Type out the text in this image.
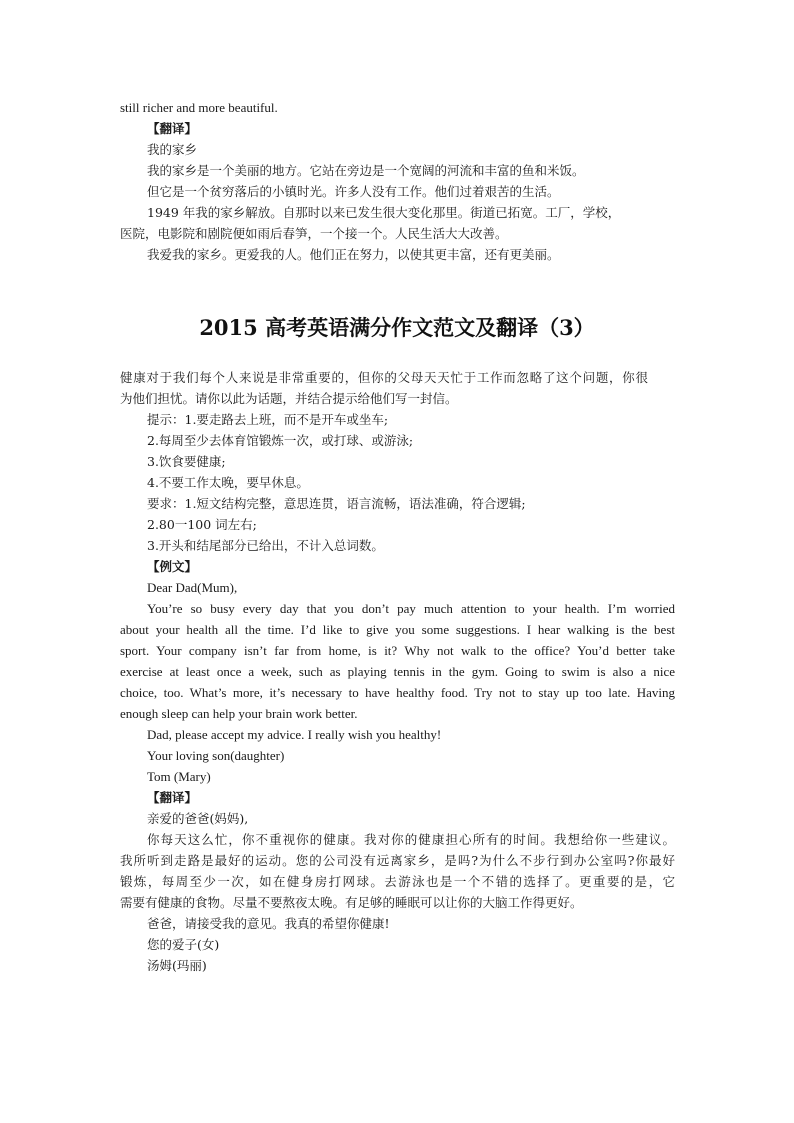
still richer and more beautiful.
【翻译】
我的家乡
我的家乡是一个美丽的地方。它站在旁边是一个宽阔的河流和丰富的鱼和米饭。
但它是一个贫穷落后的小镇时光。许多人没有工作。他们过着艰苦的生活。
1949 年我的家乡解放。自那时以来已发生很大变化那里。街道已拓宽。工厂，学校，
医院，电影院和剧院便如雨后春笋，一个接一个。人民生活大大改善。
我爱我的家乡。更爱我的人。他们正在努力，以使其更丰富，还有更美丽。
2015 高考英语满分作文范文及翻译（3）
健康对于我们每个人来说是非常重要的，但你的父母天天忙于工作而忽略了这个问题，你很
为他们担忧。请你以此为话题，并结合提示给他们写一封信。
提示：1.要走路去上班，而不是开车或坐车;
2.每周至少去体育馆锻炼一次，或打球、或游泳;
3.饮食要健康;
4.不要工作太晚，要早休息。
要求：1.短文结构完整，意思连贯，语言流畅，语法准确，符合逻辑;
2.80一100 词左右;
3.开头和结尾部分已给出，不计入总词数。
【例文】
Dear Dad(Mum),
You’re so busy every day that you don’t pay much attention to your health. I’m worried
about your health all the time. I’d like to give you some suggestions. I hear walking is the best
sport. Your company isn’t far from home, is it? Why not walk to the office? You’d better take
exercise at least once a week, such as playing tennis in the gym. Going to swim is also a nice
choice, too. What’s more, it’s necessary to have healthy food. Try not to stay up too late. Having
enough sleep can help your brain work better.
Dad, please accept my advice. I really wish you healthy!
Your loving son(daughter)
Tom (Mary)
【翻译】
亲爱的爸爸(妈妈),
你每天这么忙，你不重视你的健康。我对你的健康担心所有的时间。我想给你一些建议。
我所听到走路是最好的运动。您的公司没有远离家乡，是吗?为什么不步行到办公室吗?你最好
锻炼，每周至少一次，如在健身房打网球。去游泳也是一个不错的选择了。更重要的是，它
需要有健康的食物。尽量不要熬夜太晚。有足够的睡眠可以让你的大脑工作得更好。
爸爸，请接受我的意见。我真的希望你健康!
您的爱子(女)
汤姆(玛丽)
